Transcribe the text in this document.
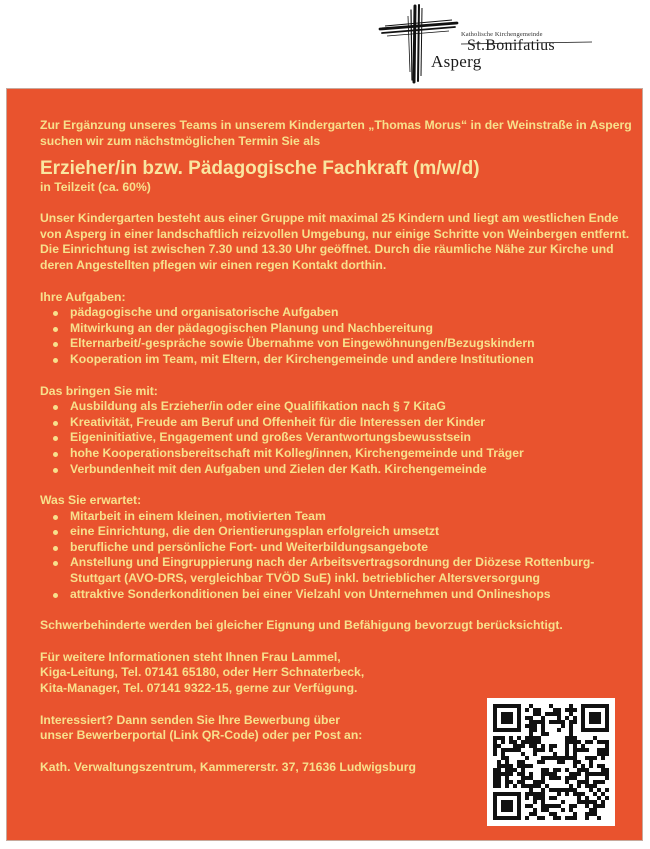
Katholische Kirchengemeinde
St.Bonifatius
Asperg

Zur Ergänzung unseres Teams in unserem Kindergarten „Thomas Morus“ in der Weinstraße in Asperg suchen wir zum nächstmöglichen Termin Sie als

Erzieher/in bzw. Pädagogische Fachkraft (m/w/d)

in Teilzeit (ca. 60%)

Unser Kindergarten besteht aus einer Gruppe mit maximal 25 Kindern und liegt am westlichen Ende von Asperg in einer landschaftlich reizvollen Umgebung, nur einige Schritte von Weinbergen entfernt. Die Einrichtung ist zwischen 7.30 und 13.30 Uhr geöffnet. Durch die räumliche Nähe zur Kirche und deren Angestellten pflegen wir einen regen Kontakt dorthin.

Ihre Aufgaben:

pädagogische und organisatorische Aufgaben
Mitwirkung an der pädagogischen Planung und Nachbereitung
Elternarbeit/-gespräche sowie Übernahme von Eingewöhnungen/Bezugskindern
Kooperation im Team, mit Eltern, der Kirchengemeinde und andere Institutionen

Das bringen Sie mit:

Ausbildung als Erzieher/in oder eine Qualifikation nach § 7 KitaG
Kreativität, Freude am Beruf und Offenheit für die Interessen der Kinder
Eigeninitiative, Engagement und großes Verantwortungsbewusstsein
hohe Kooperationsbereitschaft mit Kolleg/innen, Kirchengemeinde und Träger
Verbundenheit mit den Aufgaben und Zielen der Kath. Kirchengemeinde

Was Sie erwartet:

Mitarbeit in einem kleinen, motivierten Team
eine Einrichtung, die den Orientierungsplan erfolgreich umsetzt
berufliche und persönliche Fort- und Weiterbildungsangebote
Anstellung und Eingruppierung nach der Arbeitsvertragsordnung der Diözese Rottenburg-Stuttgart (AVO-DRS, vergleichbar TVÖD SuE) inkl. betrieblicher Altersversorgung
attraktive Sonderkonditionen bei einer Vielzahl von Unternehmen und Onlineshops

Schwerbehinderte werden bei gleicher Eignung und Befähigung bevorzugt berücksichtigt.

Für weitere Informationen steht Ihnen Frau Lammel,

Kiga-Leitung, Tel. 07141 65180, oder Herr Schnaterbeck,

Kita-Manager, Tel. 07141 9322-15, gerne zur Verfügung.

Interessiert? Dann senden Sie Ihre Bewerbung über

unser Bewerberportal (Link QR-Code) oder per Post an:

Kath. Verwaltungszentrum, Kammererstr. 37, 71636 Ludwigsburg
